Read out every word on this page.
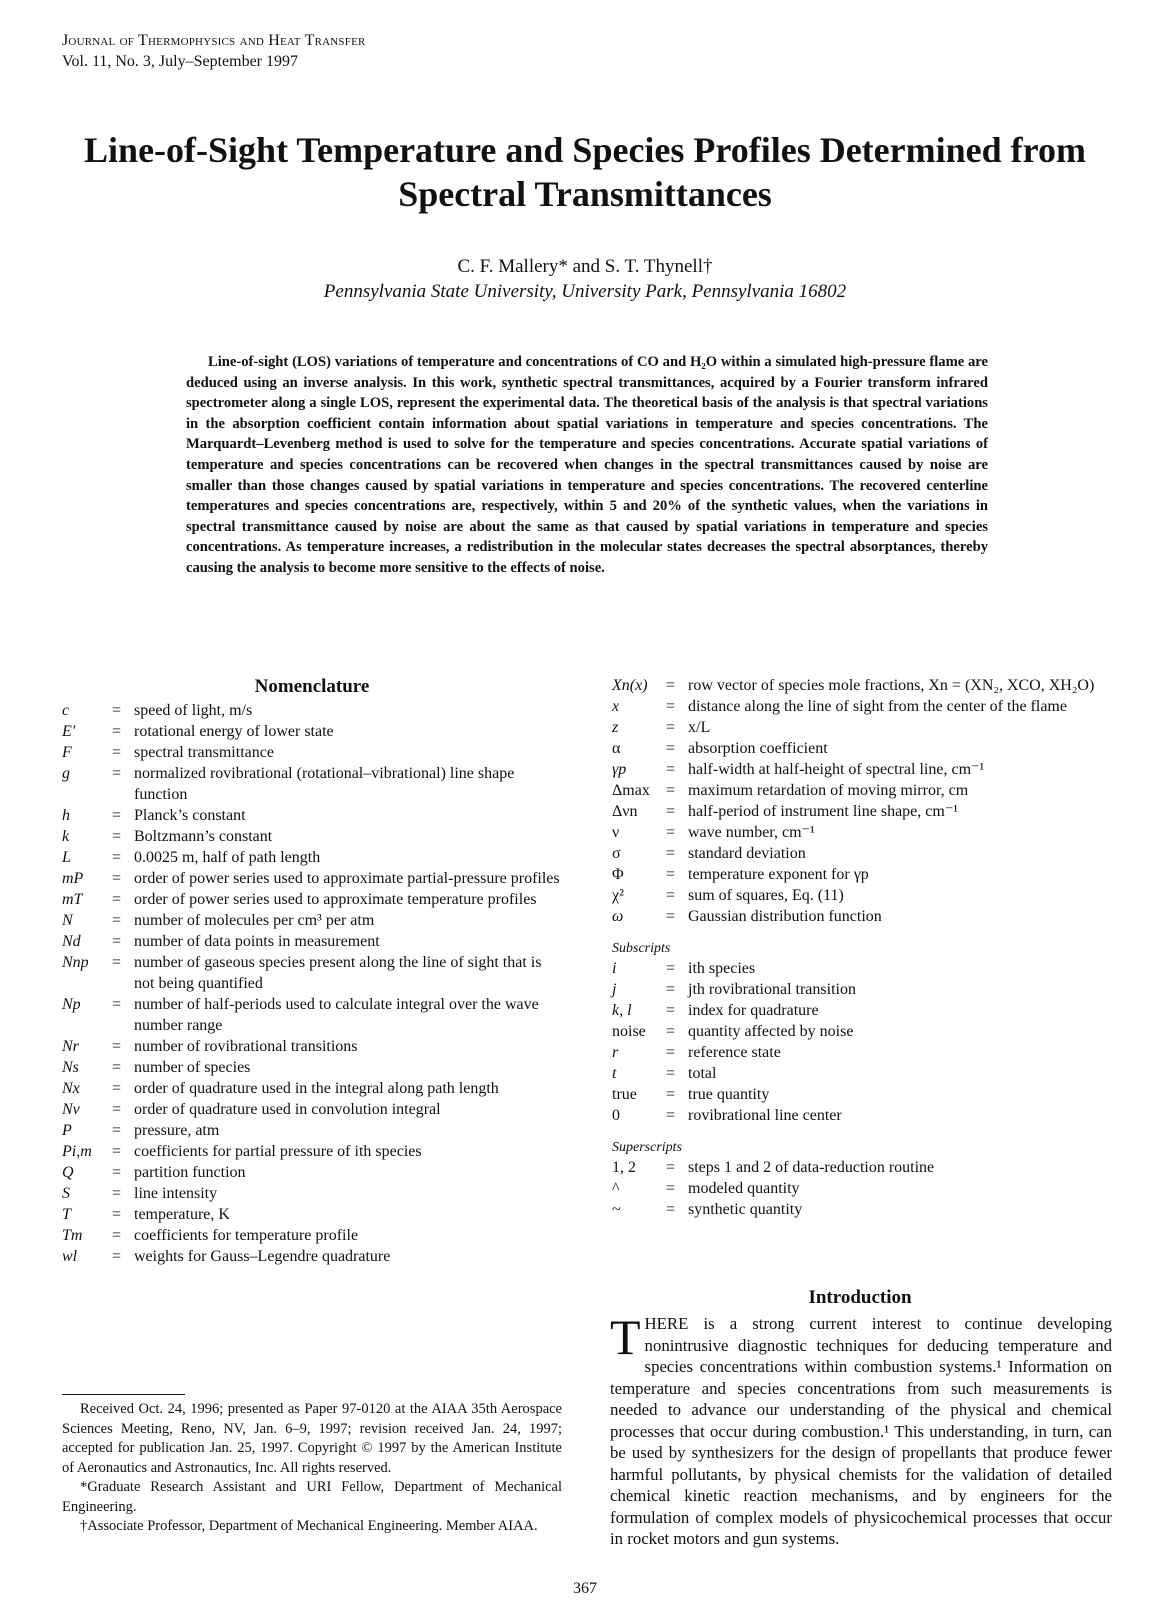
Journal of Thermophysics and Heat Transfer
Vol. 11, No. 3, July–September 1997
Line-of-Sight Temperature and Species Profiles Determined from Spectral Transmittances
C. F. Mallery* and S. T. Thynell†
Pennsylvania State University, University Park, Pennsylvania 16802

Line-of-sight (LOS) variations of temperature and concentrations of CO and H₂O within a simulated high-pressure flame are deduced using an inverse analysis. In this work, synthetic spectral transmittances, acquired by a Fourier transform infrared spectrometer along a single LOS, represent the experimental data. The theoretical basis of the analysis is that spectral variations in the absorption coefficient contain information about spatial variations in temperature and species concentrations. The Marquardt–Levenberg method is used to solve for the temperature and species concentrations. Accurate spatial variations of temperature and species concentrations can be recovered when changes in the spectral transmittances caused by noise are smaller than those changes caused by spatial variations in temperature and species concentrations. The recovered centerline temperatures and species concentrations are, respectively, within 5 and 20% of the synthetic values, when the variations in spectral transmittance caused by noise are about the same as that caused by spatial variations in temperature and species concentrations. As temperature increases, a redistribution in the molecular states decreases the spectral absorptances, thereby causing the analysis to become more sensitive to the effects of noise.

Nomenclature
c	= speed of light, m/s
E′	= rotational energy of lower state
F	= spectral transmittance
g	= normalized rovibrational (rotational–vibrational) line shape function
h	= Planck’s constant
k	= Boltzmann’s constant
L	= 0.0025 m, half of path length
mP	= order of power series used to approximate partial-pressure profiles
mT	= order of power series used to approximate temperature profiles
N	= number of molecules per cm³ per atm
Nd	= number of data points in measurement
Nnp	= number of gaseous species present along the line of sight that is not being quantified
Np	= number of half-periods used to calculate integral over the wave number range
Nr	= number of rovibrational transitions
Ns	= number of species
Nx	= order of quadrature used in the integral along path length
Nν	= order of quadrature used in convolution integral
P	= pressure, atm
Pi,m	= coefficients for partial pressure of ith species
Q	= partition function
S	= line intensity
T	= temperature, K
Tm	= coefficients for temperature profile
wl	= weights for Gauss–Legendre quadrature
Xn(x)	= row vector of species mole fractions, Xn = (XN₂, XCO, XH₂O)
x	= distance along the line of sight from the center of the flame
z	= x/L
α	= absorption coefficient
γp	= half-width at half-height of spectral line, cm⁻¹
Δmax	= maximum retardation of moving mirror, cm
Δνn	= half-period of instrument line shape, cm⁻¹
ν	= wave number, cm⁻¹
σ	= standard deviation
Φ	= temperature exponent for γp
χ²	= sum of squares, Eq. (11)
ω	= Gaussian distribution function
Subscripts
i	= ith species
j	= jth rovibrational transition
k, l	= index for quadrature
noise	= quantity affected by noise
r	= reference state
t	= total
true	= true quantity
0	= rovibrational line center
Superscripts
1, 2	= steps 1 and 2 of data-reduction routine
^	= modeled quantity
~	= synthetic quantity
Introduction

THERE is a strong current interest to continue developing nonintrusive diagnostic techniques for deducing temperature and species concentrations within combustion systems.¹ Information on temperature and species concentrations from such measurements is needed to advance our understanding of the physical and chemical processes that occur during combustion.¹ This understanding, in turn, can be used by synthesizers for the design of propellants that produce fewer harmful pollutants, by physical chemists for the validation of detailed chemical kinetic reaction mechanisms, and by engineers for the formulation of complex models of physicochemical processes that occur in rocket motors and gun systems.

Received Oct. 24, 1996; presented as Paper 97-0120 at the AIAA 35th Aerospace Sciences Meeting, Reno, NV, Jan. 6–9, 1997; revision received Jan. 24, 1997; accepted for publication Jan. 25, 1997. Copyright © 1997 by the American Institute of Aeronautics and Astronautics, Inc. All rights reserved.

*Graduate Research Assistant and URI Fellow, Department of Mechanical Engineering.

†Associate Professor, Department of Mechanical Engineering. Member AIAA.

367
